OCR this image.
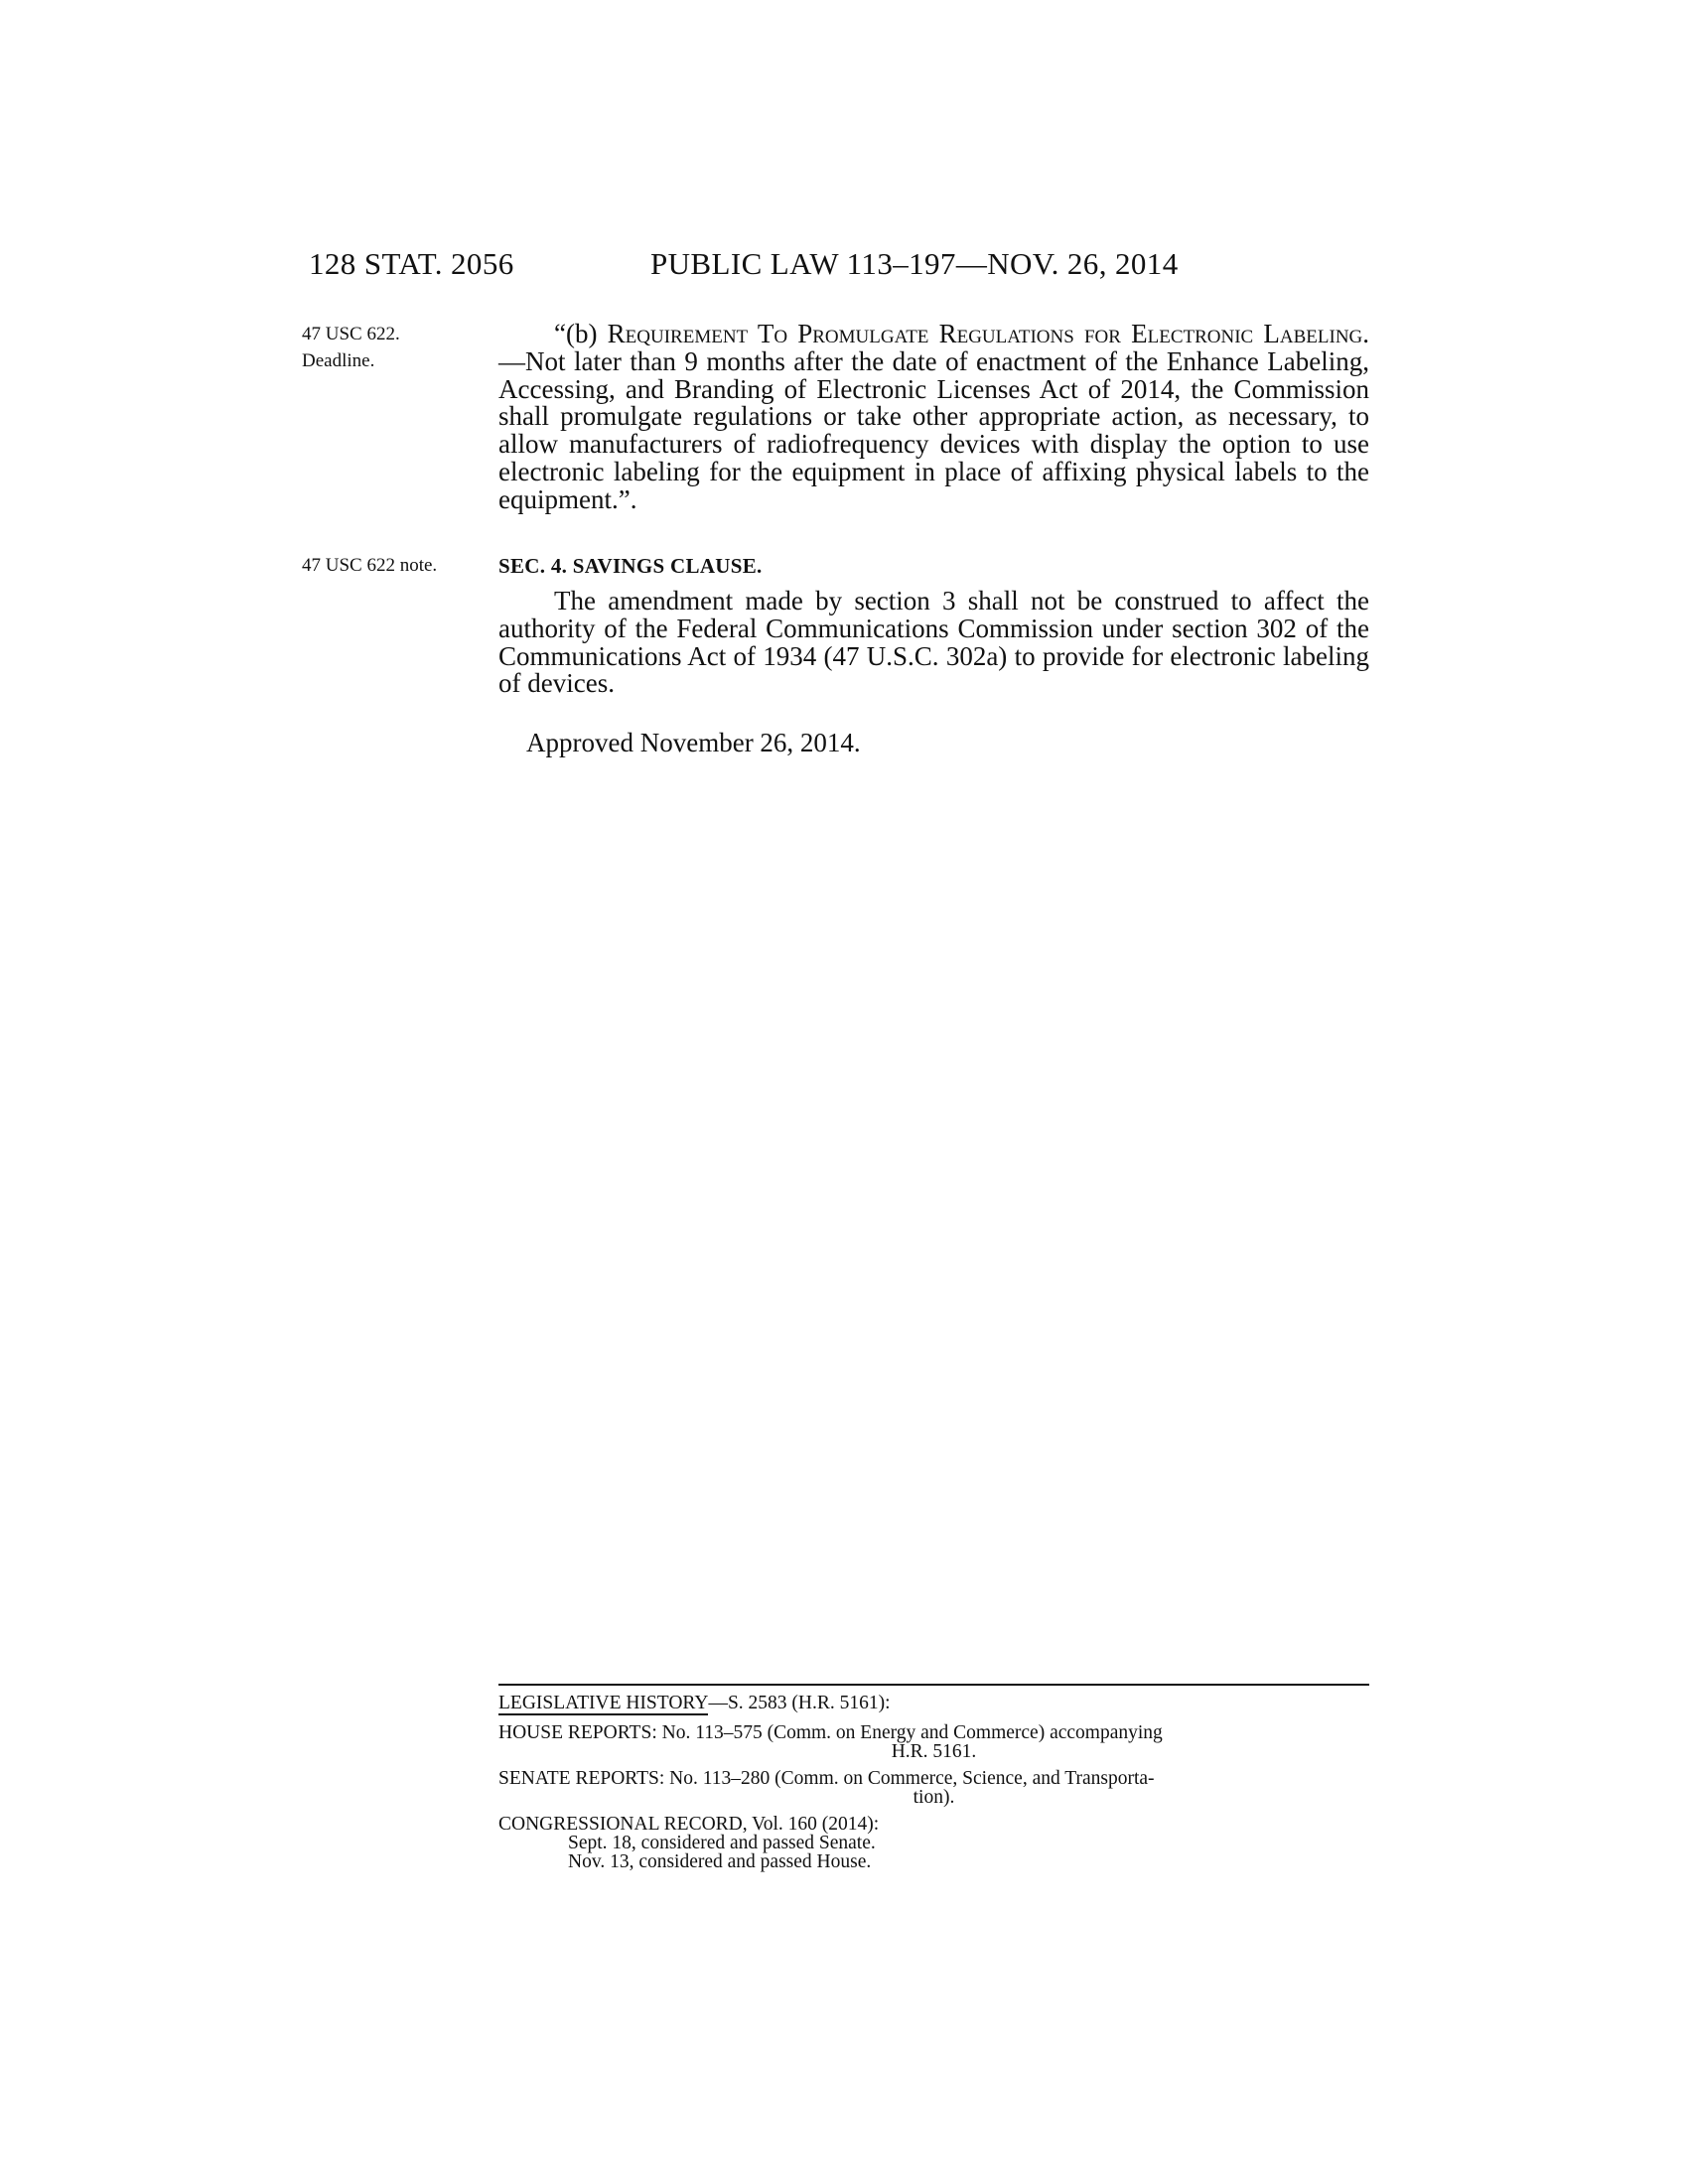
128 STAT. 2056	PUBLIC LAW 113–197—NOV. 26, 2014
47 USC 622.
Deadline.
47 USC 622 note.
“(b) Requirement To Promulgate Regulations for Electronic Labeling.—Not later than 9 months after the date of enactment of the Enhance Labeling, Accessing, and Branding of Electronic Licenses Act of 2014, the Commission shall promulgate regulations or take other appropriate action, as necessary, to allow manufacturers of radiofrequency devices with display the option to use electronic labeling for the equipment in place of affixing physical labels to the equipment.”.
SEC. 4. SAVINGS CLAUSE.
The amendment made by section 3 shall not be construed to affect the authority of the Federal Communications Commission under section 302 of the Communications Act of 1934 (47 U.S.C. 302a) to provide for electronic labeling of devices.
Approved November 26, 2014.
LEGISLATIVE HISTORY—S. 2583 (H.R. 5161):
HOUSE REPORTS: No. 113–575 (Comm. on Energy and Commerce) accompanying
H.R. 5161.
SENATE REPORTS: No. 113–280 (Comm. on Commerce, Science, and Transporta-
tion).
CONGRESSIONAL RECORD, Vol. 160 (2014):
Sept. 18, considered and passed Senate.
Nov. 13, considered and passed House.
